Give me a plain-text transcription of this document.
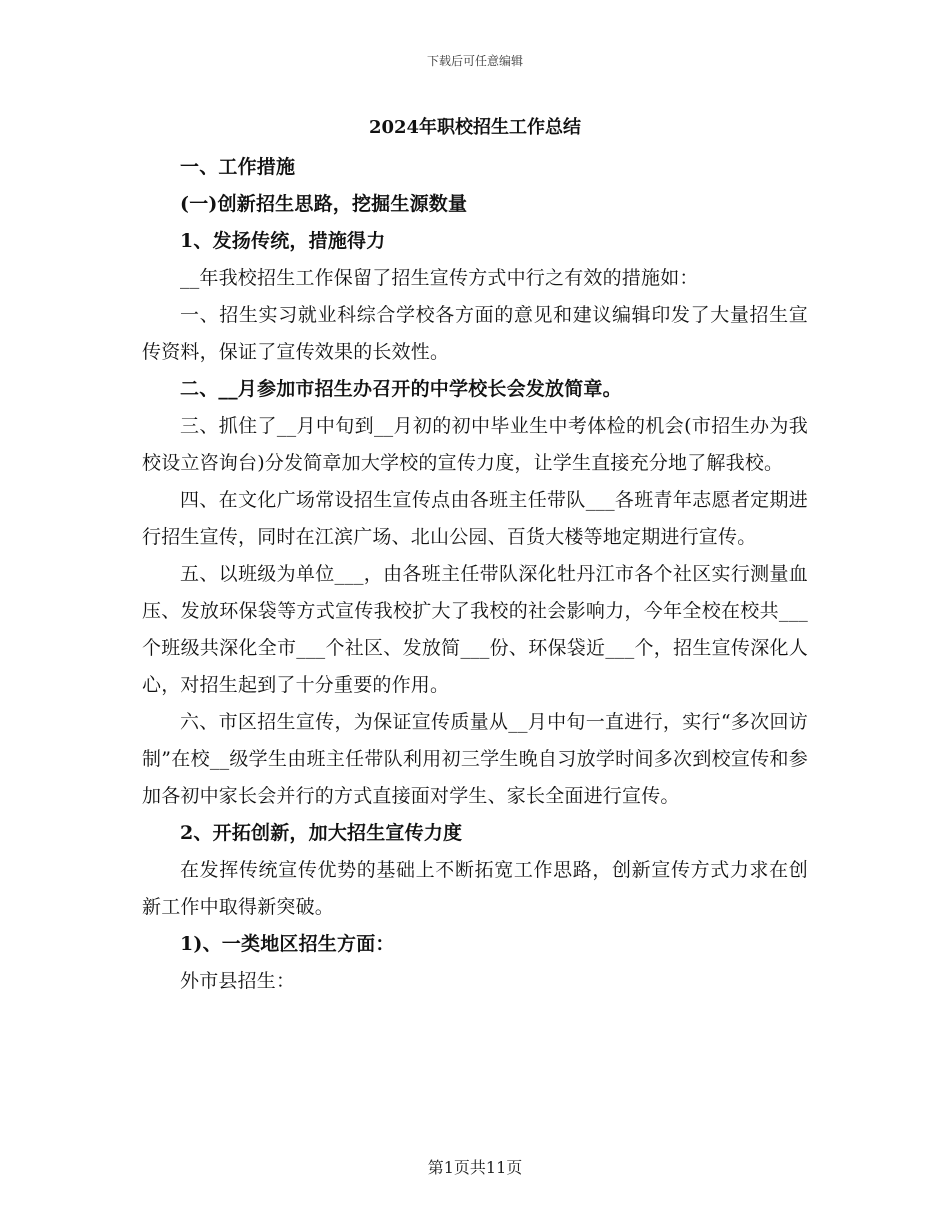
下载后可任意编辑
2024年职校招生工作总结

一、工作措施

(一)创新招生思路，挖掘生源数量

1、发扬传统，措施得力

__年我校招生工作保留了招生宣传方式中行之有效的措施如：

一、招生实习就业科综合学校各方面的意见和建议编辑印发了大量招生宣传资料，保证了宣传效果的长效性。

二、__月参加市招生办召开的中学校长会发放简章。

三、抓住了__月中旬到__月初的初中毕业生中考体检的机会(市招生办为我校设立咨询台)分发简章加大学校的宣传力度，让学生直接充分地了解我校。

四、在文化广场常设招生宣传点由各班主任带队___各班青年志愿者定期进行招生宣传，同时在江滨广场、北山公园、百货大楼等地定期进行宣传。

五、以班级为单位___，由各班主任带队深化牡丹江市各个社区实行测量血压、发放环保袋等方式宣传我校扩大了我校的社会影响力，今年全校在校共___个班级共深化全市___个社区、发放简___份、环保袋近___个，招生宣传深化人心，对招生起到了十分重要的作用。

六、市区招生宣传，为保证宣传质量从__月中旬一直进行，实行“多次回访制”在校__级学生由班主任带队利用初三学生晚自习放学时间多次到校宣传和参加各初中家长会并行的方式直接面对学生、家长全面进行宣传。

2、开拓创新，加大招生宣传力度

在发挥传统宣传优势的基础上不断拓宽工作思路，创新宣传方式力求在创新工作中取得新突破。

1)、一类地区招生方面：

外市县招生：

第1页共11页
